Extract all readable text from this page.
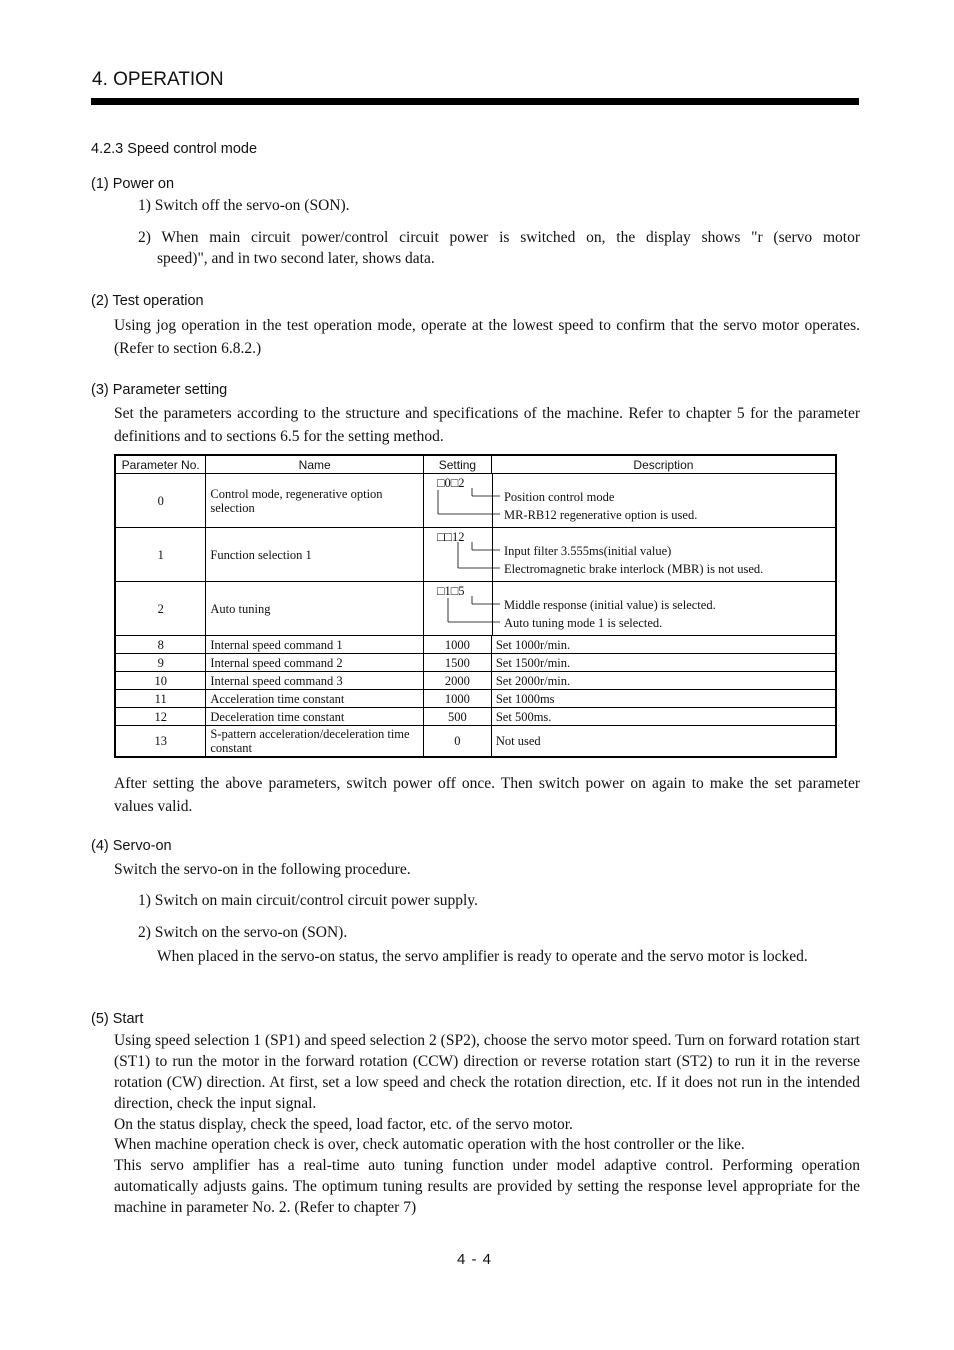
4. OPERATION
4.2.3 Speed control mode
(1) Power on
1) Switch off the servo-on (SON).
2) When main circuit power/control circuit power is switched on, the display shows "r (servo motor
speed)", and in two second later, shows data.
(2) Test operation
Using jog operation in the test operation mode, operate at the lowest speed to confirm that the servo motor operates. (Refer to section 6.8.2.)
(3) Parameter setting
Set the parameters according to the structure and specifications of the machine. Refer to chapter 5 for the parameter definitions and to sections 6.5 for the setting method.
Parameter No.	Name	Setting	Description
0	Control mode, regenerative option selection	□0□2
Position control mode
MR-RB12 regenerative option is used.	

1	Function selection 1	□□12
Input filter 3.555ms(initial value)
Electromagnetic brake interlock (MBR) is not used.	

2	Auto tuning	□1□5
Middle response (initial value) is selected.
Auto tuning mode 1 is selected.	

8	Internal speed command 1	1000	Set 1000r/min.
9	Internal speed command 2	1500	Set 1500r/min.
10	Internal speed command 3	2000	Set 2000r/min.
11	Acceleration time constant	1000	Set 1000ms
12	Deceleration time constant	500	Set 500ms.
13	S-pattern acceleration/deceleration time constant	0	Not used
After setting the above parameters, switch power off once. Then switch power on again to make the set parameter values valid.
(4) Servo-on
Switch the servo-on in the following procedure.
1) Switch on main circuit/control circuit power supply.
2) Switch on the servo-on (SON).
When placed in the servo-on status, the servo amplifier is ready to operate and the servo motor is locked.
(5) Start
Using speed selection 1 (SP1) and speed selection 2 (SP2), choose the servo motor speed. Turn on forward rotation start (ST1) to run the motor in the forward rotation (CCW) direction or reverse rotation start (ST2) to run it in the reverse rotation (CW) direction. At first, set a low speed and check the rotation direction, etc. If it does not run in the intended direction, check the input signal.
On the status display, check the speed, load factor, etc. of the servo motor.
When machine operation check is over, check automatic operation with the host controller or the like.
This servo amplifier has a real-time auto tuning function under model adaptive control. Performing operation automatically adjusts gains. The optimum tuning results are provided by setting the response level appropriate for the machine in parameter No. 2. (Refer to chapter 7)
4 - 4
